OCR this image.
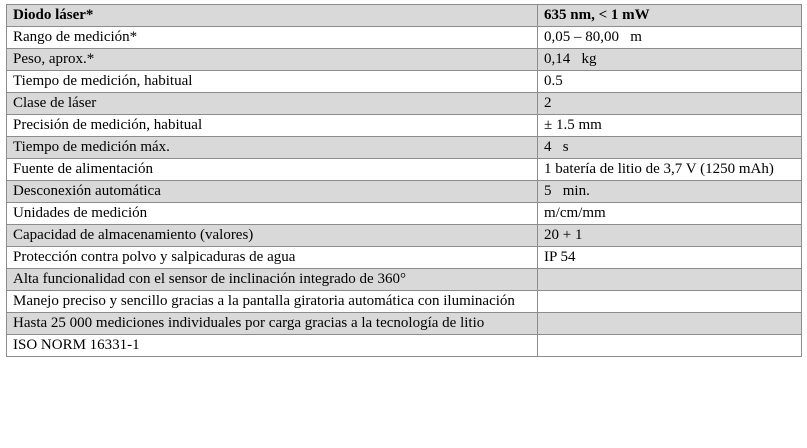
Diodo láser*	635 nm, < 1 mW
Rango de medición*	0,05 – 80,00   m
Peso, aprox.*	0,14   kg
Tiempo de medición, habitual	0.5
Clase de láser	2
Precisión de medición, habitual	± 1.5 mm
Tiempo de medición máx.	4   s
Fuente de alimentación	1 batería de litio de 3,7 V (1250 mAh)
Desconexión automática	5   min.
Unidades de medición	m/cm/mm
Capacidad de almacenamiento (valores)	20 + 1
Protección contra polvo y salpicaduras de agua	IP 54
Alta funcionalidad con el sensor de inclinación integrado de 360°	
Manejo preciso y sencillo gracias a la pantalla giratoria automática con iluminación	
Hasta 25 000 mediciones individuales por carga gracias a la tecnología de litio	
ISO NORM 16331-1	
